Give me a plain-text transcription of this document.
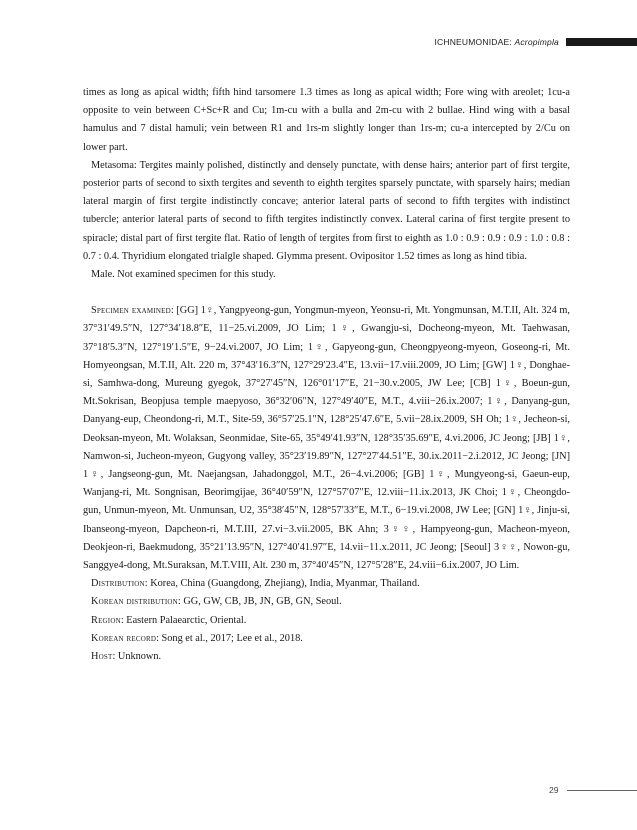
ICHNEUMONIDAE: Acropimpla

times as long as apical width; fifth hind tarsomere 1.3 times as long as apical width; Fore wing with areolet; 1cu-a opposite to vein between C+Sc+R and Cu; 1m-cu with a bulla and 2m-cu with 2 bullae. Hind wing with a basal hamulus and 7 distal hamuli; vein between R1 and 1rs-m slightly longer than 1rs-m; cu-a intercepted by 2/Cu on lower part.

Metasoma: Tergites mainly polished, distinctly and densely punctate, with dense hairs; anterior part of first tergite, posterior parts of second to sixth tergites and seventh to eighth tergites sparsely punctate, with sparsely hairs; median lateral margin of first tergite indistinctly concave; anterior lateral parts of second to fifth tergites with indistinct tubercle; anterior lateral parts of second to fifth tergites indistinctly convex. Lateral carina of first tergite present to spiracle; distal part of first tergite flat. Ratio of length of tergites from first to eighth as 1.0 : 0.9 : 0.9 : 0.9 : 1.0 : 0.8 : 0.7 : 0.4. Thyridium elongated trialgle shaped. Glymma present. Ovipositor 1.52 times as long as hind tibia.

Male. Not examined specimen for this study.

Specimen examined: [GG] 1♀, Yangpyeong-gun, Yongmun-myeon, Yeonsu-ri, Mt. Yongmunsan, M.T.II, Alt. 324 m, 37°31′49.5″N, 127°34′18.8″E, 11−25.vi.2009, JO Lim; 1♀, Gwangju-si, Docheong-myeon, Mt. Taehwasan, 37°18′5.3″N, 127°19′1.5″E, 9−24.vi.2007, JO Lim; 1♀, Gapyeong-gun, Cheongpyeong-myeon, Goseong-ri, Mt. Homyeongsan, M.T.II, Alt. 220 m, 37°43′16.3″N, 127°29′23.4″E, 13.vii−17.viii.2009, JO Lim; [GW] 1♀, Donghae-si, Samhwa-dong, Mureung gyegok, 37°27′45″N, 126°01′17″E, 21−30.v.2005, JW Lee; [CB] 1♀, Boeun-gun, Mt.Sokrisan, Beopjusa temple maepyoso, 36°32′06″N, 127°49′40″E, M.T., 4.viii−26.ix.2007; 1♀, Danyang-gun, Danyang-eup, Cheondong-ri, M.T., Site-59, 36°57′25.1″N, 128°25′47.6″E, 5.vii−28.ix.2009, SH Oh; 1♀, Jecheon-si, Deoksan-myeon, Mt. Wolaksan, Seonmidae, Site-65, 35°49′41.93″N, 128°35′35.69″E, 4.vi.2006, JC Jeong; [JB] 1♀, Namwon-si, Jucheon-myeon, Gugyong valley, 35°23′19.89″N, 127°27′44.51″E, 30.ix.2011−2.i.2012, JC Jeong; [JN] 1♀, Jangseong-gun, Mt. Naejangsan, Jahadonggol, M.T., 26−4.vi.2006; [GB] 1♀, Mungyeong-si, Gaeun-eup, Wanjang-ri, Mt. Songnisan, Beorimgijae, 36°40′59″N, 127°57′07″E, 12.viii−11.ix.2013, JK Choi; 1♀, Cheongdo-gun, Unmun-myeon, Mt. Unmunsan, U2, 35°38′45″N, 128°57′33″E, M.T., 6−19.vi.2008, JW Lee; [GN] 1♀, Jinju-si, Ibanseong-myeon, Dapcheon-ri, M.T.III, 27.vi−3.vii.2005, BK Ahn; 3♀♀, Hampyeong-gun, Macheon-myeon, Deokjeon-ri, Baekmudong, 35°21′13.95″N, 127°40′41.97″E, 14.vii−11.x.2011, JC Jeong; [Seoul] 3♀♀, Nowon-gu, Sanggye4-dong, Mt.Suraksan, M.T.VIII, Alt. 230 m, 37°40′45″N, 127°5′28″E, 24.viii−6.ix.2007, JO Lim.

Distribution: Korea, China (Guangdong, Zhejiang), India, Myanmar, Thailand.

Korean distribution: GG, GW, CB, JB, JN, GB, GN, Seoul.

Region: Eastern Palaearctic, Oriental.

Korean record: Song et al., 2017; Lee et al., 2018.

Host: Unknown.

29
